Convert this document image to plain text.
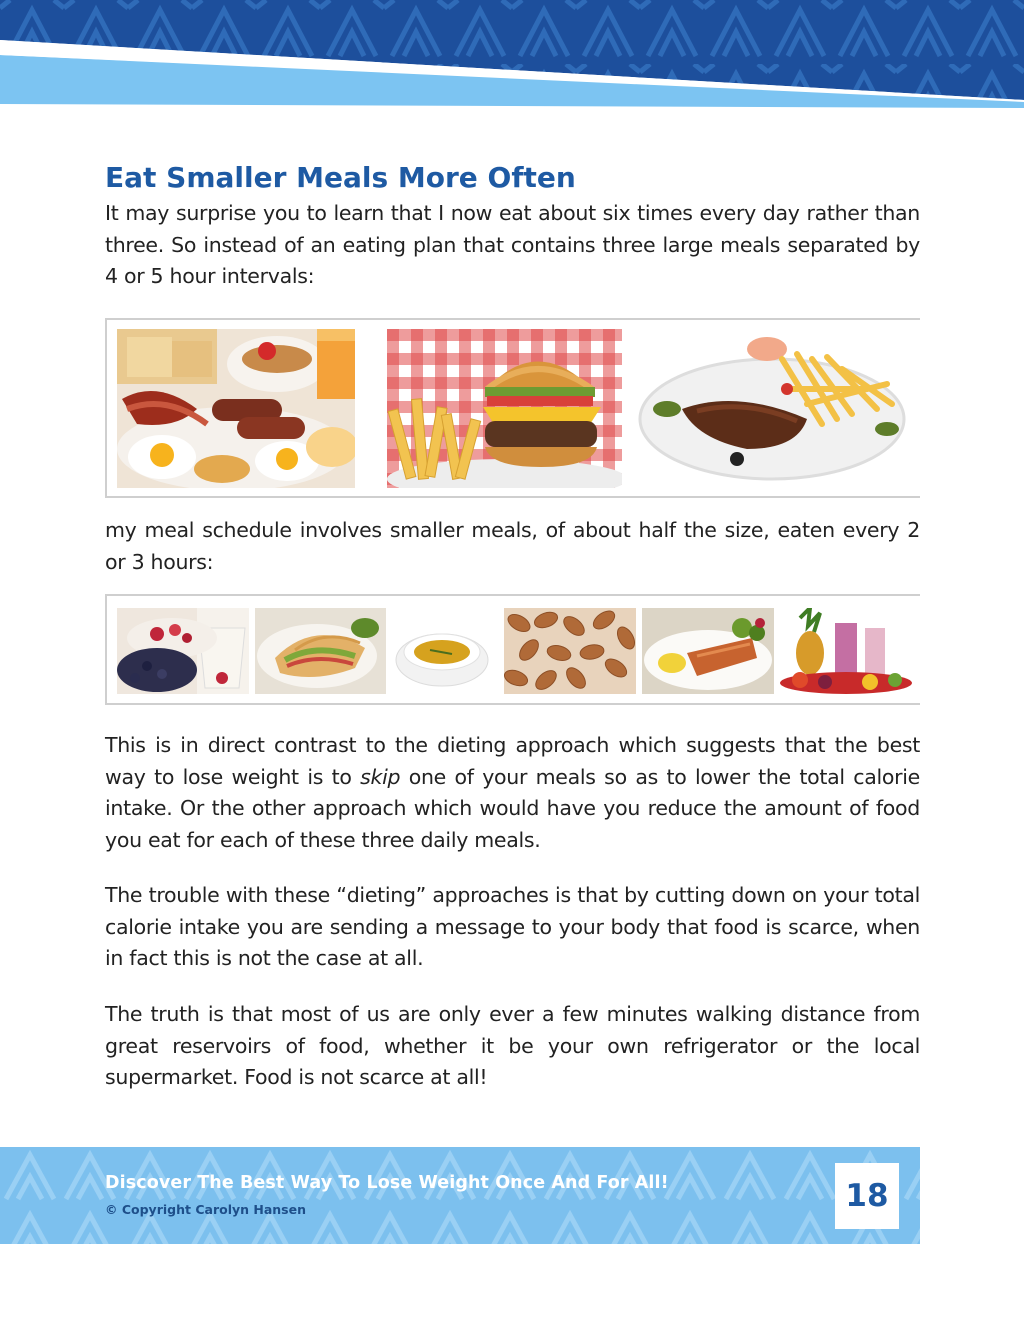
Eat Smaller Meals More Often

It may surprise you to learn that I now eat about six times every day rather than three. So instead of an eating plan that contains three large meals separated by 4 or 5 hour intervals:

my meal schedule involves smaller meals, of about half the size, eaten every 2 or 3 hours:

This is in direct contrast to the dieting approach which suggests that the best way to lose weight is to skip one of your meals so as to lower the total calorie intake. Or the other approach which would have you reduce the amount of food you eat for each of these three daily meals.

The trouble with these “dieting” approaches is that by cutting down on your total calorie intake you are sending a message to your body that food is scarce, when in fact this is not the case at all.

The truth is that most of us are only ever a few minutes walking distance from great reservoirs of food, whether it be your own refrigerator or the local supermarket. Food is not scarce at all!

Discover The Best Way To Lose Weight Once And For All!
© Copyright Carolyn Hansen	18
